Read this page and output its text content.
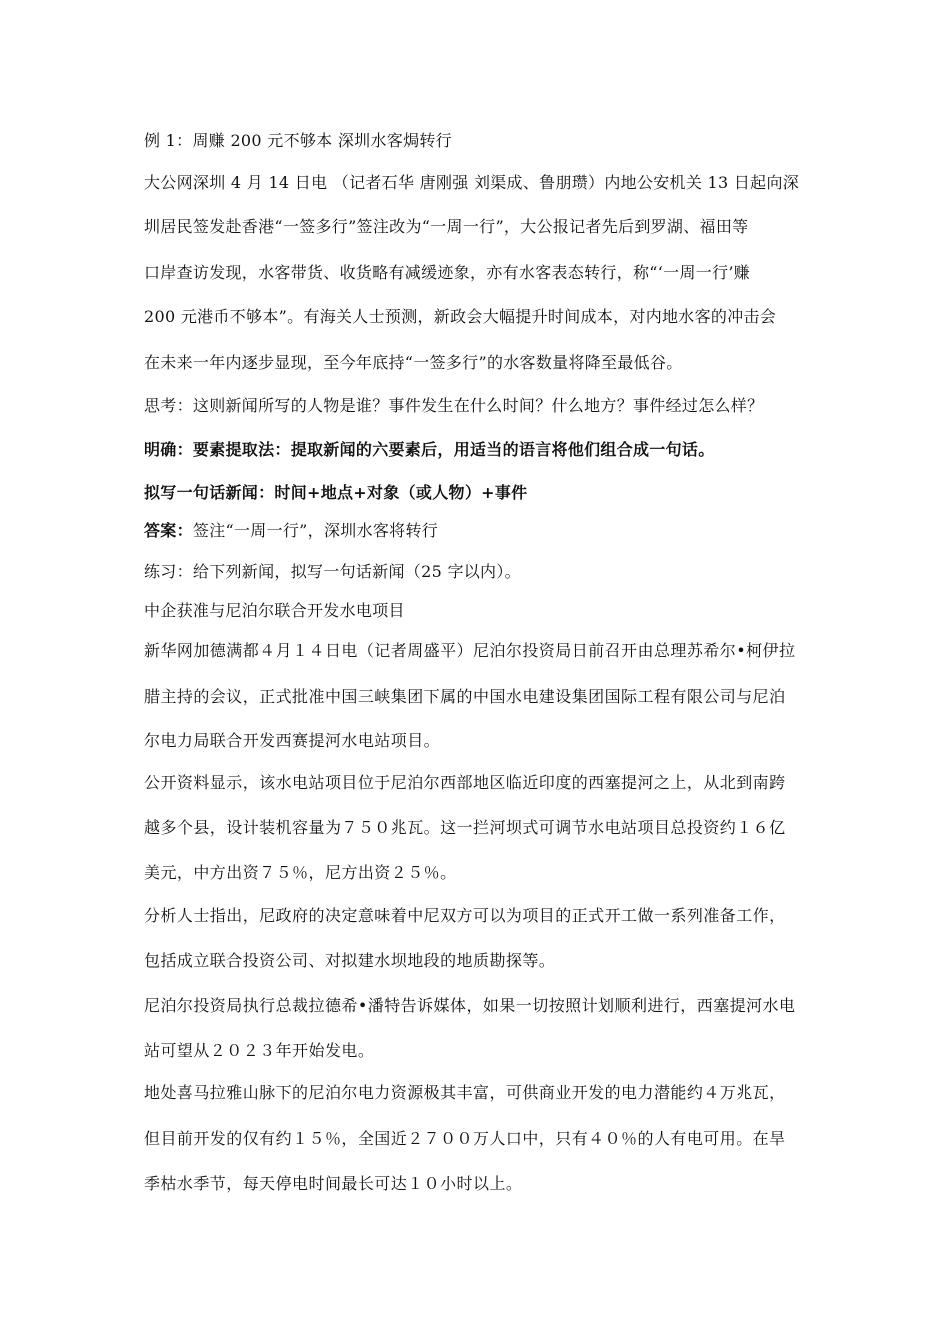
例 1：周赚 200 元不够本 深圳水客焗转行
大公网深圳 4 月 14 日电 （记者石华 唐刚强 刘渠成、鲁朋瓒）内地公安机关 13 日起向深
圳居民签发赴香港“一签多行”签注改为“一周一行”，大公报记者先后到罗湖、福田等
口岸查访发现，水客带货、收货略有减缓迹象，亦有水客表态转行，称“‘一周一行’赚
200 元港币不够本”。有海关人士预测，新政会大幅提升时间成本，对内地水客的冲击会
在未来一年内逐步显现，至今年底持“一签多行”的水客数量将降至最低谷。
思考：这则新闻所写的人物是谁？事件发生在什么时间？什么地方？事件经过怎么样？
明确：要素提取法：提取新闻的六要素后，用适当的语言将他们组合成一句话。
拟写一句话新闻：时间+地点+对象（或人物）+事件
答案：签注“一周一行”，深圳水客将转行
练习：给下列新闻，拟写一句话新闻（25 字以内）。
中企获准与尼泊尔联合开发水电项目
新华网加德满都４月１４日电（记者周盛平）尼泊尔投资局日前召开由总理苏希尔•柯伊拉
腊主持的会议，正式批准中国三峡集团下属的中国水电建设集团国际工程有限公司与尼泊
尔电力局联合开发西赛提河水电站项目。
公开资料显示，该水电站项目位于尼泊尔西部地区临近印度的西塞提河之上，从北到南跨
越多个县，设计装机容量为７５０兆瓦。这一拦河坝式可调节水电站项目总投资约１６亿
美元，中方出资７５％，尼方出资２５％。
分析人士指出，尼政府的决定意味着中尼双方可以为项目的正式开工做一系列准备工作，
包括成立联合投资公司、对拟建水坝地段的地质勘探等。
尼泊尔投资局执行总裁拉德希•潘特告诉媒体，如果一切按照计划顺利进行，西塞提河水电
站可望从２０２３年开始发电。
地处喜马拉雅山脉下的尼泊尔电力资源极其丰富，可供商业开发的电力潜能约４万兆瓦，
但目前开发的仅有约１５％，全国近２７００万人口中，只有４０％的人有电可用。在旱
季枯水季节，每天停电时间最长可达１０小时以上。
